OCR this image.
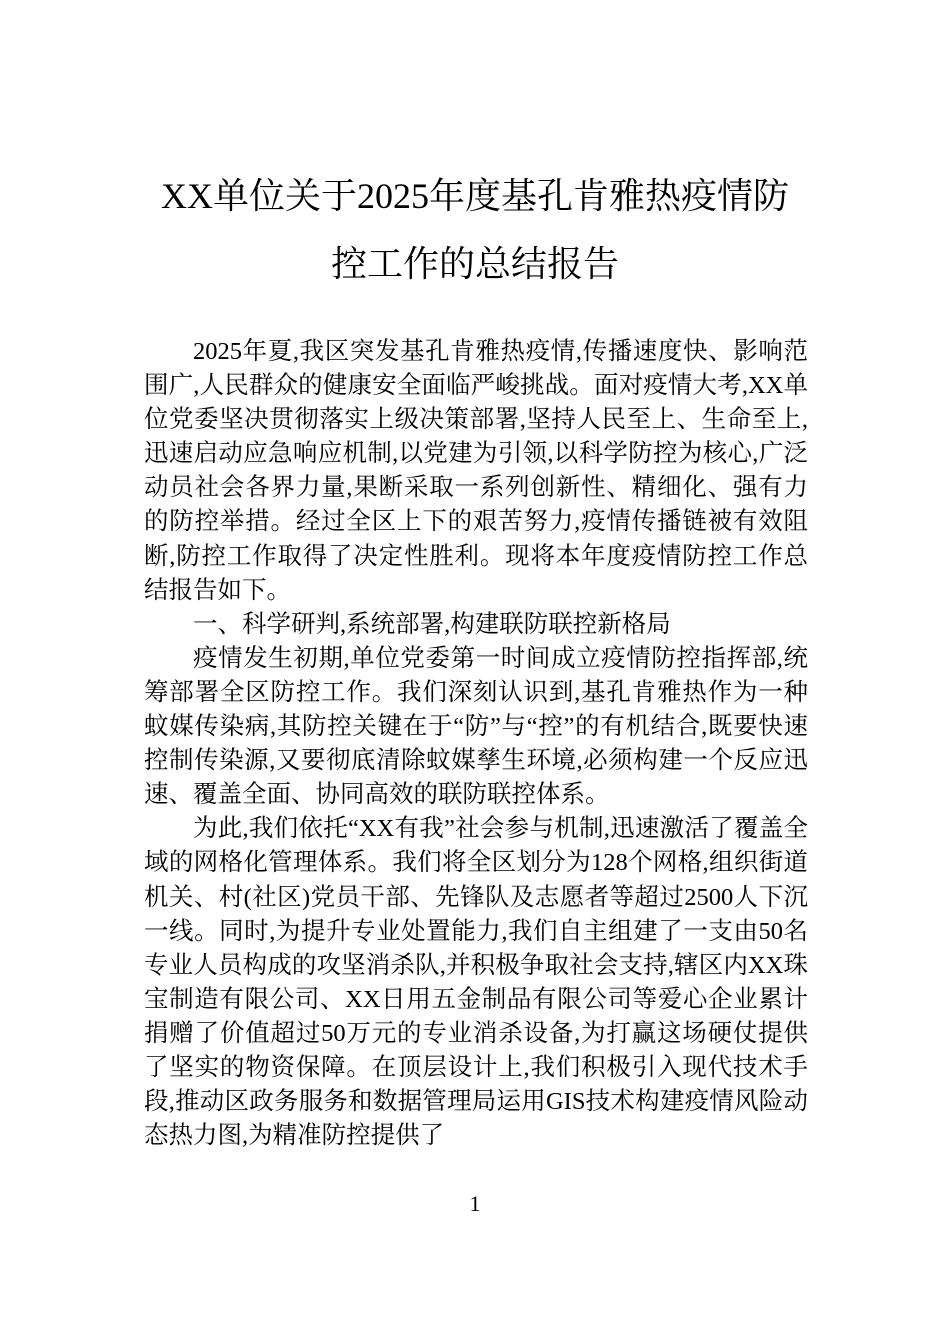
XX单位关于2025年度基孔肯雅热疫情防
控工作的总结报告

2025年夏,我区突发基孔肯雅热疫情,传播速度快、影响范围广,人民群众的健康安全面临严峻挑战。面对疫情大考,XX单位党委坚决贯彻落实上级决策部署,坚持人民至上、生命至上,迅速启动应急响应机制,以党建为引领,以科学防控为核心,广泛动员社会各界力量,果断采取一系列创新性、精细化、强有力的防控举措。经过全区上下的艰苦努力,疫情传播链被有效阻断,防控工作取得了决定性胜利。现将本年度疫情防控工作总结报告如下。

一、科学研判,系统部署,构建联防联控新格局

疫情发生初期,单位党委第一时间成立疫情防控指挥部,统筹部署全区防控工作。我们深刻认识到,基孔肯雅热作为一种蚊媒传染病,其防控关键在于“防”与“控”的有机结合,既要快速控制传染源,又要彻底清除蚊媒孳生环境,必须构建一个反应迅速、覆盖全面、协同高效的联防联控体系。

为此,我们依托“XX有我”社会参与机制,迅速激活了覆盖全域的网格化管理体系。我们将全区划分为128个网格,组织街道机关、村(社区)党员干部、先锋队及志愿者等超过2500人下沉一线。同时,为提升专业处置能力,我们自主组建了一支由50名专业人员构成的攻坚消杀队,并积极争取社会支持,辖区内XX珠宝制造有限公司、XX日用五金制品有限公司等爱心企业累计捐赠了价值超过50万元的专业消杀设备,为打赢这场硬仗提供了坚实的物资保障。在顶层设计上,我们积极引入现代技术手段,推动区政务服务和数据管理局运用GIS技术构建疫情风险动态热力图,为精准防控提供了

1
